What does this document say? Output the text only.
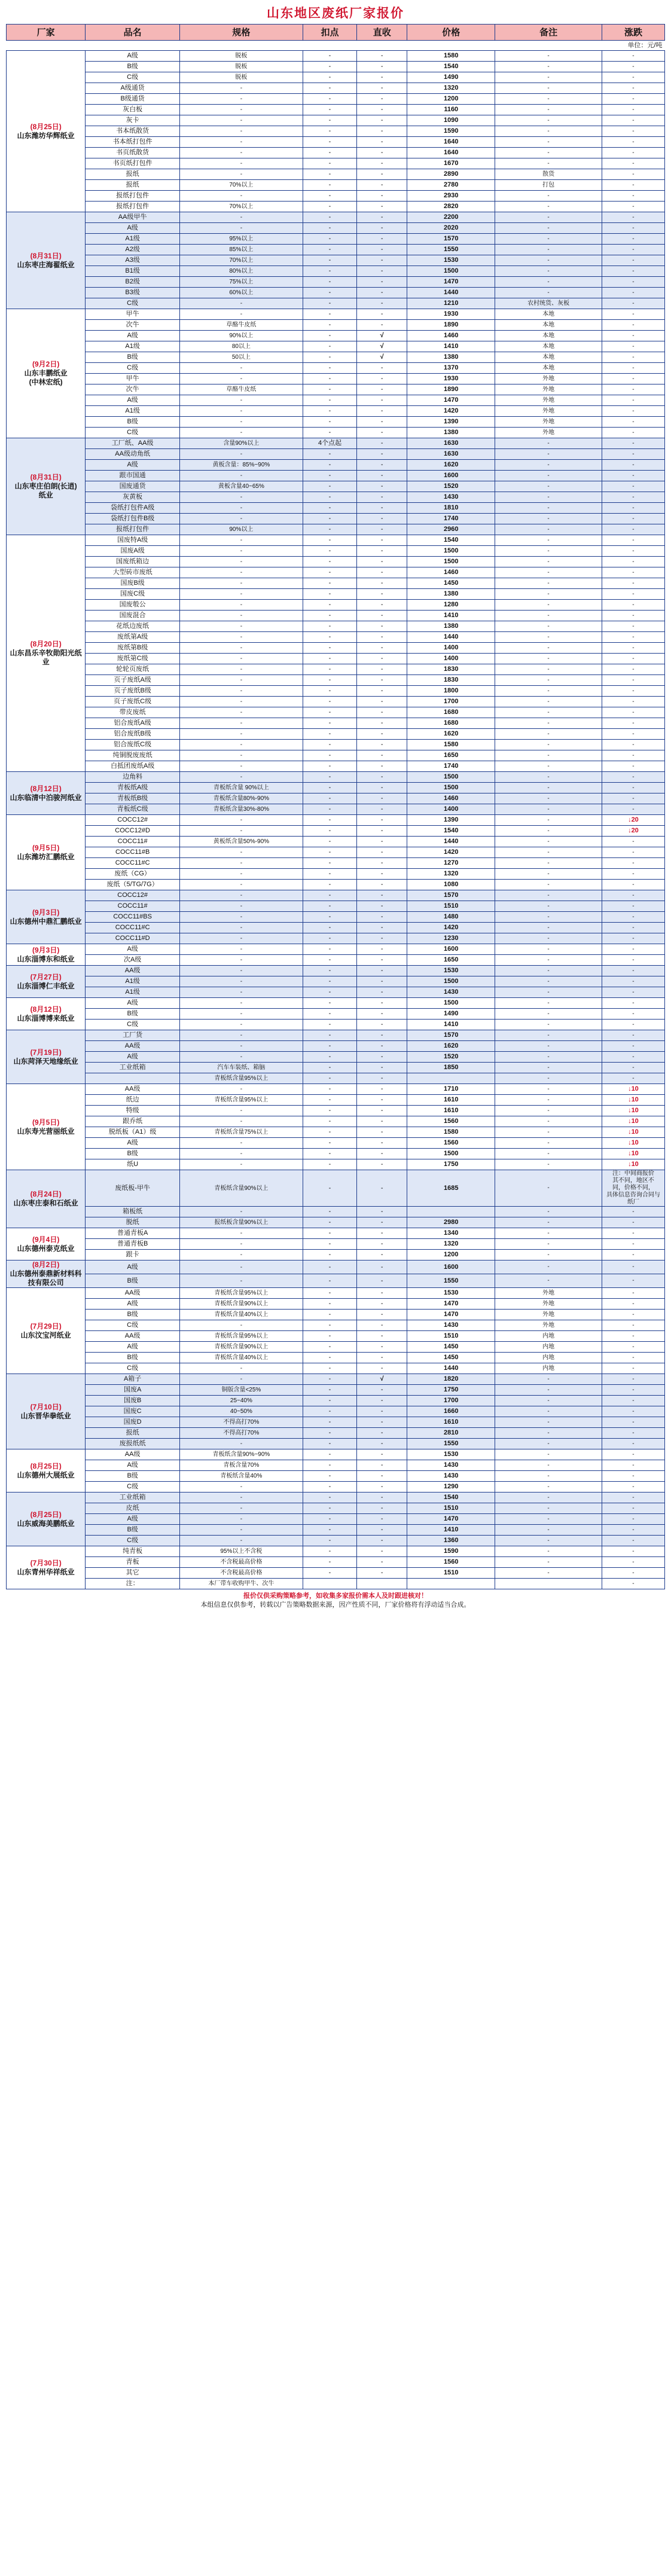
山东地区废纸厂家报价
厂家	品名	规格	扣点	直收	价格	备注	涨跌
单位：元/吨							

(8月25日)
山东潍坊华辉纸业	A级	脱板	-	-	1580	-	-
	B级	脱板	-	-	1540	-	-
	C级	脱板	-	-	1490	-	-
	A级通货	-	-	-	1320	-	-
	B级通货	-	-	-	1200	-	-
	灰白板	-	-	-	1160	-	-
	灰卡	-	-	-	1090	-	-
	书本纸散货	-	-	-	1590	-	-
	书本纸打包件	-	-	-	1640	-	-
	书页纸散货	-	-	-	1640	-	-
	书页纸打包件	-	-	-	1670	-	-
	报纸	-	-	-	2890	散货	-
	报纸	70%以上	-	-	2780	打包	-
	报纸打包件	-	-	-	2930	-	-
	报纸打包件	70%以上	-	-	2820	-	-

(8月31日)
山东枣庄海翟纸业	AA级甲牛	-	-	-	2200	-	-
	A级	-	-	-	2020	-	-
	A1级	95%以上	-	-	1570	-	-
	A2级	85%以上	-	-	1550	-	-
	A3级	70%以上	-	-	1530	-	-
	B1级	80%以上	-	-	1500	-	-
	B2级	75%以上	-	-	1470	-	-
	B3级	60%以上	-	-	1440	-	-
	C级	-	-	-	1210	农村统货、灰板	-

(9月2日)
山东丰鹏纸业
(中林宏纸)	甲牛	-	-	-	1930	本地	-
	次牛	草酪牛皮纸	-	-	1890	本地	-
	A级	90%以上	-	√	1460	本地	-
	A1级	80以上	-	√	1410	本地	-
	B级	50以上	-	√	1380	本地	-
	C级	-	-	-	1370	本地	-
	甲牛	-	-	-	1930	外地	-
	次牛	草酪牛皮纸	-	-	1890	外地	-
	A级	-	-	-	1470	外地	-
	A1级	-	-	-	1420	外地	-
	B级	-	-	-	1390	外地	-
	C级	-	-	-	1380	外地	-

(8月31日)
山东枣庄伯朗(长逍)
纸业	工厂纸、AA级	含量90%以上	4个点起	-	1630	-	-
	AA级动角纸	-	-	-	1630	-	-
	A级	黄板含量：85%~90%	-	-	1620	-	-
	跟市国通	-	-	-	1600	-	-
	国废通货	黄板含量40~65%	-	-	1520	-	-
	灰黄板	-	-	-	1430	-	-
	袋纸打包件A级	-	-	-	1810	-	-
	袋纸打包件B级	-	-	-	1740	-	-
	报纸打包件	90%以上	-	-	2960	-	-

(8月20日)
山东昌乐辛牧勋阳光纸业	国废特A级	-	-	-	1540	-	-
	国废A级	-	-	-	1500	-	-
	国废纸箱边	-	-	-	1500	-	-
	大型砖市废纸	-	-	-	1460	-	-
	国废B级	-	-	-	1450	-	-
	国废C级	-	-	-	1380	-	-
	国废彀公	-	-	-	1280	-	-
	国废混合	-	-	-	1410	-	-
	花纸边废纸	-	-	-	1380	-	-
	废纸第A级	-	-	-	1440	-	-
	废纸第B级	-	-	-	1400	-	-
	废纸第C级	-	-	-	1400	-	-
	轮轮页废纸	-	-	-	1830	-	-
	页子废纸A级	-	-	-	1830	-	-
	页子废纸B级	-	-	-	1800	-	-
	页子废纸C级	-	-	-	1700	-	-
	带皮废纸	-	-	-	1680	-	-
	铝合废纸A级	-	-	-	1680	-	-
	铝合废纸B级	-	-	-	1620	-	-
	铝合废纸C级	-	-	-	1580	-	-
	纯铜脱废废纸	-	-	-	1650	-	-
	白抵团废纸A级	-	-	-	1740	-	-

(8月12日)
山东临清中泊骏河纸业	边角料	-	-	-	1500	-	-
	青板纸A级	青板纸含量 90%以上	-	-	1500	-	-
	青板纸B级	青板纸含量80%-90%	-	-	1460	-	-
	青板纸C级	青板纸含量30%-80%	-	-	1400	-	-

(9月5日)
山东潍坊汇鹏纸业	COCC12#	-	-	-	1390	-	↓20
	COCC12#D	-	-	-	1540	-	↓20
	COCC11#	黄板纸含量50%-90%	-	-	1440	-	-
	COCC11#B	-	-	-	1420	-	-
	COCC11#C	-	-	-	1270	-	-
	废纸（CG）	-	-	-	1320	-	-
	废纸（5/TG/7G）	-	-	-	1080	-	-

(9月3日)
山东德州中鼎汇鹏纸业	COCC12#	-	-	-	1570	-	-
	COCC11#	-	-	-	1510	-	-
	COCC11#BS	-	-	-	1480	-	-
	COCC11#C	-	-	-	1420	-	-
	COCC11#D	-	-	-	1230	-	-

(9月3日)
山东淄博东和纸业	A级	-	-	-	1600	-	-
	次A级	-	-	-	1650	-	-

(7月27日)
山东淄博仁丰纸业	AA级	-	-	-	1530	-	-
	A1级	-	-	-	1500	-	-
	A1级	-	-	-	1430	-	-

(8月12日)
山东淄博博来纸业	A级	-	-	-	1500	-	-
	B级	-	-	-	1490	-	-
	C级	-	-	-	1410	-	-

(7月19日)
山东菏泽天地缘纸业	工厂货	-	-	-	1570	-	-
	AA级	-	-	-	1620	-	-
	A级	-	-	-	1520	-	-
	工业纸箱	汽车车装纸、箱脑	-	-	1850	-	-
		青板纸含量95%以上	-	-		-	-

(9月5日)
山东寿光营丽纸业	AA级	-	-	-	1710	-	↓10
	纸边	青板纸含量95%以上	-	-	1610	-	↓10
	特级	-	-	-	1610	-	↓10
	跟乔纸	-	-	-	1560	-	↓10
	脱纸板（A1）级	青板纸含量75%以上	-	-	1580	-	↓10
	A级	-	-	-	1560	-	↓10
	B级	-	-	-	1500	-	↓10
	纸U	-	-	-	1750	-	↓10

(8月24日)
山东枣庄泰和石纸业
	废纸板-甲牛	青板纸含量90%以上	-	-	1685	-	注：中间商报价
其不同，地区不
同，价格不同，
具体信息咨询合同与
纸厂
	箱板纸	-	-	-		-	-
	脱纸	报纸板含量90%以上	-	-	2980	-	-

(9月4日)
山东德州泰克纸业	普通青板A	-	-	-	1340	-	-
	普通青板B	-	-	-	1320	-	-
	跟卡	-	-	-	1200	-	-

(8月2日)
山东德州泰鼎新材料科技有限公司	A级	-	-	-	1600	-	-
	B级	-	-	-	1550	-	-

(7月29日)
山东汶宝河纸业	AA级	青板纸含量95%以上	-	-	1530	外地	-
	A级	青板纸含量90%以上	-	-	1470	外地	-
	B级	青板纸含量40%以上	-	-	1470	外地	-
	C级	-	-	-	1430	外地	-
	AA级	青板纸含量95%以上	-	-	1510	内地	-
	A级	青板纸含量90%以上	-	-	1450	内地	-
	B级	青板纸含量40%以上	-	-	1450	内地	-
	C级	-	-	-	1440	内地	-

(7月10日)
山东晋华拳纸业	A箱子	-	-	√	1820	-	-
	国废A	铜版含量<25%	-	-	1750	-	-
	国废B	25~40%	-	-	1700	-	-
	国废C	40~50%	-	-	1660	-	-
	国废D	不得高打70%	-	-	1610	-	-
	报纸	不得高打70%	-	-	2810	-	-
	废报纸纸	-	-	-	1550	-	-

(8月25日)
山东德州大展纸业	AA级	青板纸含量90%~90%	-	-	1530	-	-
	A级	青板含量70%	-	-	1430	-	-
	B级	青板纸含量40%	-	-	1430	-	-
	C级	-	-	-	1290	-	-

(8月25日)
山东威海美鹏纸业	工业纸箱	-	-	-	1540	-	-
	皮纸	-	-	-	1510	-	-
	A级	-	-	-	1470	-	-
	B级	-	-	-	1410	-	-
	C级	-	-	-	1360	-	-

(7月30日)
山东青州华祥纸业	纯青板	95%以上不含税	-	-	1590	-	-
	青板	不含税最高价格	-	-	1560	-	-
	其它	不含税最高价格	-	-	1510	-	-
	注：	本厂带车收购甲牛、次牛					-
报价仅供采购策略参考，如收集多家报价需本人及时跟进核对！
本组信息仅供参考，转载以广告策略数据来源，因产性质不同，厂家价格将有浮动适当合成。
